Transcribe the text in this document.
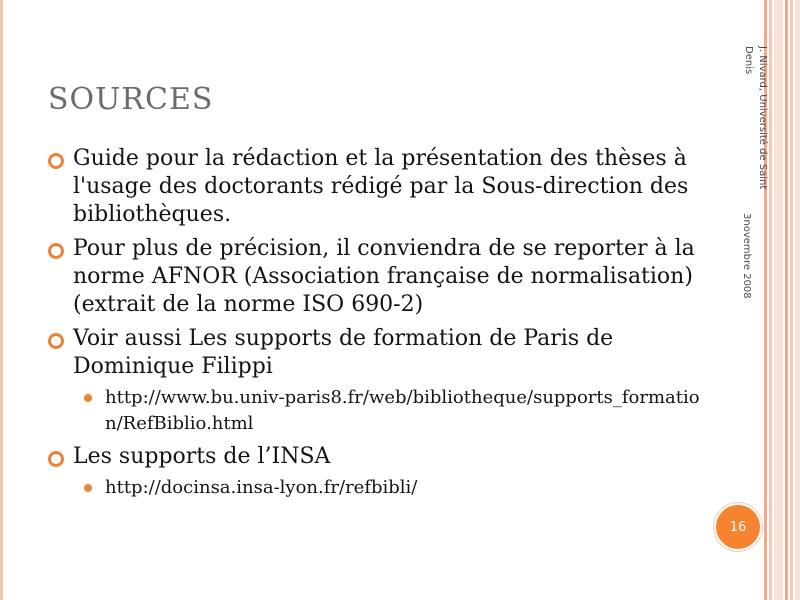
SOURCES
Guide pour la rédaction et la présentation des thèses à l'usage des doctorants rédigé par la Sous-direction des bibliothèques.
Pour plus de précision, il conviendra de se reporter à la norme AFNOR (Association française de normalisation) (extrait de la norme ISO 690-2)
Voir aussi Les supports de formation de Paris de Dominique Filippi
http://www.bu.univ-paris8.fr/web/bibliotheque/supports_formation/RefBiblio.html
Les supports de l’INSA
http://docinsa.insa-lyon.fr/refbibli/
J. Nivard, Université de Saint Denis
3novembre 2008
16
